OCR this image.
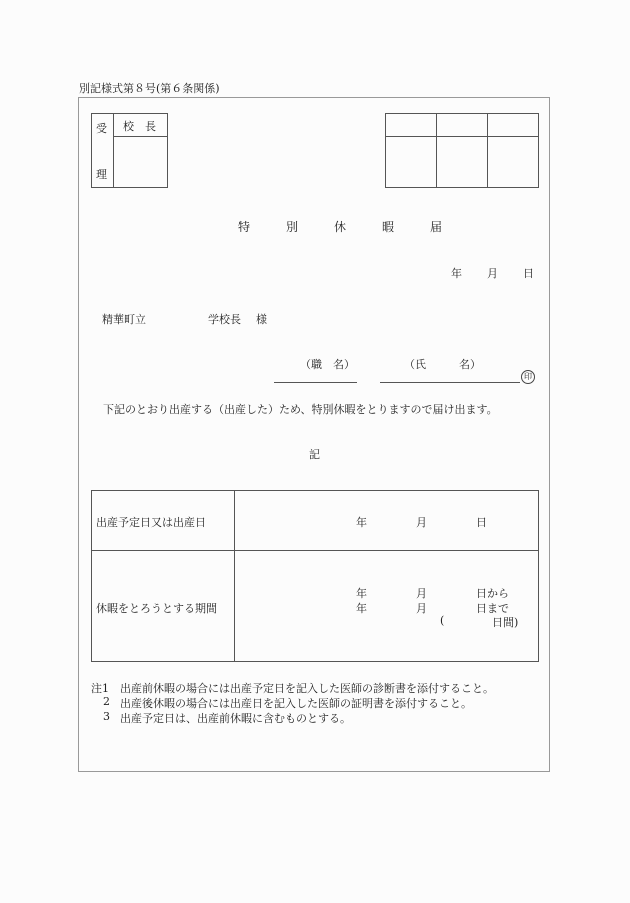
別記様式第８号(第６条関係)
受
理
校　長
特	別	休	暇	届
年 月 日
精華町立	学校長 様
（職　名）	（氏　　　名）
印
下記のとおり出産する（出産した）ため、特別休暇をとりますので届け出ます。
記
出産予定日又は出産日	年	月	日
休暇をとろうとする期間
年	月	日から
年	月	日まで
(	日間)
注1 出産前休暇の場合には出産予定日を記入した医師の診断書を添付すること。
2 出産後休暇の場合には出産日を記入した医師の証明書を添付すること。
3 出産予定日は、出産前休暇に含むものとする。
